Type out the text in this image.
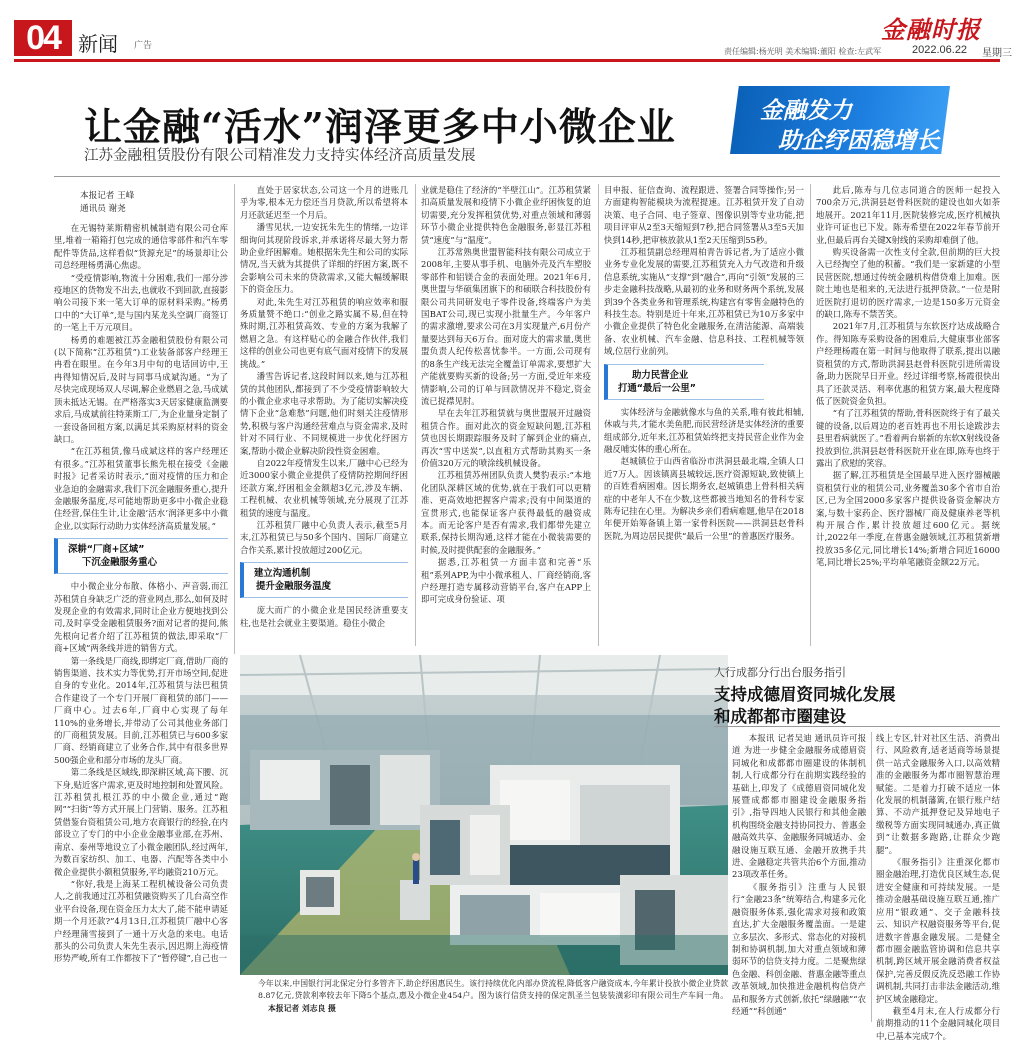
04 新闻 广告
金融时报
责任编辑:杨光明 美术编辑:董阳 检查:左武军	2022.06.22 星期三
让金融“活水”润泽更多中小微企业
江苏金融租赁股份有限公司精准发力支持实体经济高质量发展
金融发力
助企纾困稳增长
本报记者 王峰
通讯员 谢尧

在无锡特莱斯精密机械制造有限公司仓库里,堆着一箱箱打包完成的通信零部件和汽车零配件等货品,这样看似“货源充足”的场景却让公司总经理杨勇满心焦虑。

“受疫情影响,物流十分困难,我们一部分涉疫地区的货物发不出去,也就收不到回款,直接影响公司接下来一笔大订单的原材料采购。”杨勇口中的“大订单”,是与国内某龙头空调厂商签订的一笔上千万元项目。

杨勇的难题被江苏金融租赁股份有限公司(以下简称“江苏租赁”)工业装备部客户经理王冉看在眼里。在今年3月中旬的电话回访中,王冉得知情况后,及时与同事马成斌沟通。“为了尽快完成现场双人尽调,解企业燃眉之急,马成斌顶未抵达无锡。在严格落实3天居家健康监测要求后,马成斌前往特莱斯工厂,为企业量身定制了一套设备回租方案,以满足其采购原材料的资金缺口。

“在江苏租赁,像马成斌这样的客户经理还有很多。”江苏租赁董事长熊先根在接受《金融时报》记者采访时表示,“面对疫情的压力和企业急迫的金融需求,我们下沉金融服务重心,提升金融服务温度,尽可能地帮助更多中小微企业稳住经营,保住生计,让金融‘活水’润泽更多中小微企业,以实际行动助力实体经济高质量发展。”

深耕“厂商+区域”
下沉金融服务重心

中小微企业分布散、体格小、声音弱,而江苏租赁自身缺乏广泛的营业网点,那么,如何及时发现企业的有效需求,同时让企业方便地找到公司,及时享受金融租赁服务?面对记者的提问,熊先根向记者介绍了江苏租赁的做法,即采取“厂商+区域”两条线并进的销售方式。

第一条线是厂商线,即绑定厂商,借助厂商的销售渠道、技术实力等优势,打开市场空间,促进自身的专业化。2014年,江苏租赁与法巴租赁合作建设了一个专门开展厂商租赁的部门——厂商中心。过去6年,厂商中心实现了每年110%的业务增长,并带动了公司其他业务部门的厂商租赁发展。目前,江苏租赁已与600多家厂商、经销商建立了业务合作,其中有很多世界500强企业和部分市场的龙头厂商。

第二条线是区域线,即深耕区域,高下腰、沉下身,贴近客户需求,更及时地控制和处置风险。江苏租赁扎根江苏的中小微企业,通过“跑网”“扫街”等方式开展上门营销、服务。江苏租赁借鉴台资租赁公司,地方农商银行的经验,在内部设立了专门的中小企业金融事业部,在苏州、南京、泰州等地设立了小微金融团队,经过两年,为数百家纺织、加工、电器、汽配等各类中小微企业提供小额租赁服务,平均融资210万元。

“你好,我是上海某工程机械设备公司负责人,之前我通过江苏租赁融资购买了几台高空作业平台设备,现在资金压力太大了,能不能申请延期一个月还款?”4月13日,江苏租赁厂融中心客户经理蒲雪接到了一通十万火急的来电。电话那头的公司负责人朱先生表示,因迟期上海疫情形势严峻,所有工作都按下了“暂停键”,自己也一

直处于居家状态,公司这一个月的进账几乎为零,根本无力偿还当月贷款,所以希望将本月还款延迟至一个月后。

潘雪见状,一边安抚朱先生的情绪,一边详细询问其现阶段诉求,并承诺将尽最大努力帮助企业纾困解难。她根据朱先生和公司的实际情况,当天就为其提供了详细的纾困方案,既不会影响公司未来的贷款需求,又能大幅缓解眼下的资金压力。

对此,朱先生对江苏租赁的响应效率和服务质量赞不绝口:“创业之路实属不易,但在特殊时期,江苏租赁高效、专业的方案为我解了燃眉之急。有这样贴心的金融合作伙伴,我们这样的创业公司也更有底气面对疫情下的发展挑战。”

潘雪告诉记者,这段时间以来,她与江苏租赁的其他团队,都接到了不少受疫情影响较大的小微企业求电寻求帮助。为了能切实解决疫情下企业“急难愁”问题,他们时刻关注疫情形势,积极与客户沟通经营难点与资金需求,及时针对不同行业、不同规模进一步优化纾困方案,帮助小微企业解决阶段性资金困难。

自2022年疫情发生以来,厂融中心已经为近3000家小微企业提供了疫情防控期间纾困还款方案,纾困租金金额超3亿元,涉及车辆、工程机械、农业机械等领域,充分展现了江苏租赁的速度与温度。

江苏租赁厂融中心负责人表示,截至5月末,江苏租赁已与50多个国内、国际厂商建立合作关系,累计投放超过200亿元。

建立沟通机制
提升金融服务温度

庞大而广的小微企业是国民经济重要支柱,也是社会就业主要渠道。稳住小微企

业就是稳住了经济的“半壁江山”。江苏租赁紧扣高质量发展和疫情下小微企业纾困恢复的迫切需要,充分发挥租赁优势,对重点领域和薄弱环节小微企业提供特色金融服务,彰显江苏租赁“速度”与“温度”。

江苏常熟奥世盟智能科技有限公司成立于2008年,主要从事手机、电脑外壳及汽车塑胶零部件和铝镁合金的表面处理。2021年6月,奥世盟与华硕集团旗下的和硕联合科技股份有限公司共同研发电子零件设备,终端客户为美国BAT公司,现已实现小批量生产。今年客户的需求激增,要求公司在3月实现量产,6月份产量要达到每天6万台。面对庞大的需求量,奥世盟负责人纪传松喜忧参半。一方面,公司现有的8条生产线无法完全覆盖订单需求,要想扩大产能就要购买新的设备;另一方面,受近年来疫情影响,公司的订单与回款情况并不稳定,资金流已捉襟见肘。

早在去年江苏租赁就与奥世盟展开过融资租赁合作。面对此次的资金短缺问题,江苏租赁也因长期跟踪服务及时了解到企业的痛点,再次“雪中送炭”,以直租方式帮助其购买一条价值320万元的喷涂线机械设备。

江苏租赁苏州团队负责人樊豹表示:“本地化团队深耕区域的优势,就在于我们可以更精准、更高效地把握客户需求;没有中间渠道的宣贯形式,也能保证客户获得最低的融资成本。而无论客户是否有需求,我们都带先建立联系,保持长期沟通,这样才能在小微装需要的时候,及时提供配套的金融服务。”

据悉,江苏租赁一方面丰富和完善“乐租”系列APP,为中小微承租人、厂商经销商,客户经理打造专属移动营销平台,客户在APP上即可完成身份验证、项

目申报、征信查询、流程跟进、签署合同等操作;另一方面建构智能模块为流程提速。江苏租赁开发了自动决策、电子合同、电子签章、图像识别等专业功能,把项目评审从2至3天缩短到7秒,把合同签署从3至5天加快到14秒,把审核放款从1至2天压缩到55秒。

江苏租赁副总经理周柏青告诉记者,为了适应小微业务专业化发展的需要,江苏租赁充入力气改造和升级信息系统,实施从“支撑”到“融合”,再向“引领”发展的三步走金融科技战略,从最初的业务和财务两个系统,发展到39个各类业务和管理系统,构建宫有零售金融特色的科技生态。特别是近十年来,江苏租赁已为10万多家中小微企业提供了特色化金融服务,在清洁能源、高端装备、农业机械、汽车金融、信息科技、工程机械等领域,位居行业前列。

助力民营企业
打通“最后一公里”

实体经济与金融就像水与鱼的关系,唯有彼此相辅,休戚与共,才能水美鱼肥,而民营经济是实体经济的重要组成部分,近年来,江苏租赁始终把支持民营企业作为金融反哺实体的重心所在。

赵城镇位于山西省临汾市洪洞县最北端,全镇人口近7万人。因该镇离县城较远,医疗资源短缺,致使镇上的百姓看病困难。因长期务农,赵城镇患上骨科相关病症的中老年人不在少数,这些都被当地知名的骨科专家陈寿记挂在心里。为解决乡亲们看病难题,他早在2018年便开始筹备镇上第一家骨科医院——洪洞县赵骨科医院,为周边居民提供“最后一公里”的普惠医疗服务。

此后,陈寿与几位志同道合的医师一起投入700余万元,洪洞县赵骨科医院的建设也如火如荼地展开。2021年11月,医院装修完成,医疗机械执业许可证也已下发。陈寿希望在2022年春节前开业,但最后再台关键X射线的采购却难倒了他。

购买设备需一次性支付全款,但前期的巨大投入已经掏空了他的积蓄。“我们是一家新建的小型民营医院,想通过传统金融机构借贷难上加难。医院土地也是租来的,无法进行抵押贷款。”一位是附近医院打退切的医疗需求,一边是150多万元资金的缺口,陈寿不禁苦笑。

2021年7月,江苏租赁与东软医疗达成战略合作。得知陈寿采购设备的困难后,大健康事业部客户经理杨霞在第一时间与他取得了联系,提出以融资租赁的方式,帮助洪洞县赵骨科医院引进所需设备,助力医院早日开业。经过详细考察,杨霞很快出具了还款灵活、利率优惠的租赁方案,最大程度降低了医院资金负担。

“有了江苏租赁的帮助,骨科医院终于有了最关键的设备,以后周边的老百姓再也不用长途跋涉去县里看病就医了。”看着两台崭新的东软X射线设备投放到位,洪洞县赵骨科医院开业在即,陈寿也终于露出了欣慰的笑容。

据了解,江苏租赁是全国最早进入医疗器械融资租赁行业的租赁公司,业务覆盖30多个省市自治区,已为全国2000多家客户提供设备资金解决方案,与数十家药企、医疗器械厂商及健康养老等机构开展合作,累计投放超过600亿元。据统计,2022年一季度,在普惠金融领域,江苏租赁新增投放35多亿元,同比增长14%;新增合同近16000笔,同比增长25%;平均单笔融资金额22万元。

今年以来,中国银行河北保定分行多管齐下,助企纾困惠民生。该行持续优化内部办贷流程,降低客户融资成本,今年累计投放小微企业贷款8.87亿元,贷款利率较去年下降5个基点,惠及小微企业454户。图为该行信贷支持的保定凯圣兰包装装潢彩印有限公司生产车间一角。 本报记者 刘志良 摄
人行成都分行出台服务指引
支持成德眉资同城化发展
和成都都市圈建设

本报讯 记者吴迪 通讯员许可报道 为进一步健全金融服务成德眉资同城化和成都都市圈建设的体制机制,人行成都分行在前期实践经验的基础上,印发了《成德眉资同城化发展暨成都都市圈建设金融服务指引》,指导四地人民银行和其他金融机构围绕金融支持协同投力、普惠金融高效共享、金融服务同城适办、金融设施互联互通、金融开放携手共进、金融稳定共管共治6个方面,推动23项改革任务。

《服务指引》注重与人民银行“金融23条”统筹结合,构建多元化融资服务体系,强化需求对接和政策直达,扩大金融服务覆盖面。一是建立多层次、多形式、常态化的对接机制和协调机制,加大对重点领域和薄弱环节的信贷支持力度。二是聚焦绿色金融、科创金融、普惠金融等重点改革领域,加快推进金融机构信贷产品和服务方式创新,依托“绿融融”“农经通”“科创通”

线上专区,针对社区生活、消费出行、风险救育,适老适商等场景提供一站式金融服务入口,以高效精准的金融服务为都市圈智慧治理赋能。二是着力打破不适应一体化发展的机制藩篱,在银行账户结算、不动产抵押登记及异地电子缴税等方面实现同城通办,真正做到“让数据多跑路,让群众少跑腿”。

《服务指引》注重深化都市圈金融治理,打造优良区域生态,促进安全健康和可持续发展。一是推动金融基础设施互联互通,推广应用“银政通”、交子金融科技云、知识产权融资服务等平台,促进数字普惠金融发展。二是健全都市圈金融监管协调和信息共享机制,跨区域开展金融消费者权益保护,完善反假反洗反恐融工作协调机制,共同打击非法金融活动,维护区域金融稳定。

截至4月末,在人行成都分行前期推动的11个金融同城化项目中,已基本完成7个。
